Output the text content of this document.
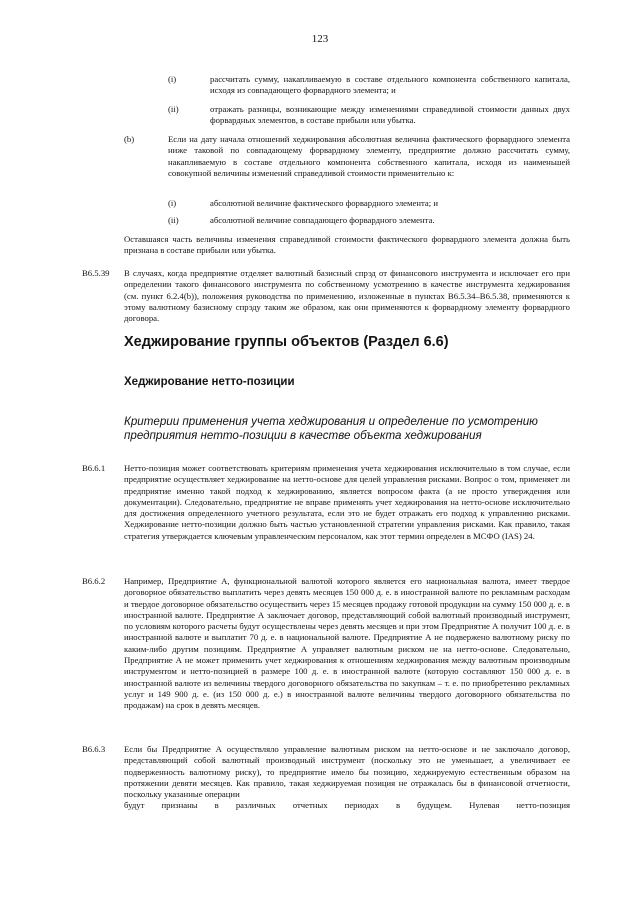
123
(i)	рассчитать сумму, накапливаемую в составе отдельного компонента собственного капитала, исходя из совпадающего форвардного элемента; и
(ii)	отражать разницы, возникающие между изменениями справедливой стоимости данных двух форвардных элементов, в составе прибыли или убытка.
(b)	Если на дату начала отношений хеджирования абсолютная величина фактического форвардного элемента ниже таковой по совпадающему форвардному элементу, предприятие должно рассчитать сумму, накапливаемую в составе отдельного компонента собственного капитала, исходя из наименьшей совокупной величины изменений справедливой стоимости применительно к:
(i)	абсолютной величине фактического форвардного элемента; и
(ii)	абсолютной величине совпадающего форвардного элемента.
Оставшаяся часть величины изменения справедливой стоимости фактического форвардного элемента должна быть признана в составе прибыли или убытка.
B6.5.39 В случаях, когда предприятие отделяет валютный базисный спрэд от финансового инструмента и исключает его при определении такого финансового инструмента по собственному усмотрению в качестве инструмента хеджирования (см. пункт 6.2.4(b)), положения руководства по применению, изложенные в пунктах B6.5.34–B6.5.38, применяются к этому валютному базисному спрэду таким же образом, как они применяются к форвардному элементу форвардного договора.
Хеджирование группы объектов (Раздел 6.6)
Хеджирование нетто-позиции
Критерии применения учета хеджирования и определение по усмотрению
предприятия нетто-позиции в качестве объекта хеджирования
B6.6.1 Нетто-позиция может соответствовать критериям применения учета хеджирования исключительно в том случае, если предприятие осуществляет хеджирование на нетто-основе для целей управления рисками. Вопрос о том, применяет ли предприятие именно такой подход к хеджированию, является вопросом факта (а не просто утверждения или документации). Следовательно, предприятие не вправе применять учет хеджирования на нетто-основе исключительно для достижения определенного учетного результата, если это не будет отражать его подход к управлению рисками. Хеджирование нетто-позиции должно быть частью установленной стратегии управления рисками. Как правило, такая стратегия утверждается ключевым управленческим персоналом, как этот термин определен в МСФО (IAS) 24.
B6.6.2 Например, Предприятие А, функциональной валютой которого является его национальная валюта, имеет твердое договорное обязательство выплатить через девять месяцев 150 000 д. е. в иностранной валюте по рекламным расходам и твердое договорное обязательство осуществить через 15 месяцев продажу готовой продукции на сумму 150 000 д. е. в иностранной валюте. Предприятие А заключает договор, представляющий собой валютный производный инструмент, по условиям которого расчеты будут осуществлены через девять месяцев и при этом Предприятие А получит 100 д. е. в иностранной валюте и выплатит 70 д. е. в национальной валюте. Предприятие А не подвержено валютному риску по каким-либо другим позициям. Предприятие А управляет валютным риском не на нетто-основе. Следовательно, Предприятие А не может применить учет хеджирования к отношениям хеджирования между валютным производным инструментом и нетто-позицией в размере 100 д. е. в иностранной валюте (которую составляют 150 000 д. е. в иностранной валюте из величины твердого договорного обязательства по закупкам – т. е. по приобретению рекламных услуг и 149 900 д. е. (из 150 000 д. е.) в иностранной валюте величины твердого договорного обязательства по продажам) на срок в девять месяцев.
B6.6.3 Если бы Предприятие А осуществляло управление валютным риском на нетто-основе и не заключало договор, представляющий собой валютный производный инструмент (поскольку это не уменьшает, а увеличивает ее подверженность валютному риску), то предприятие имело бы позицию, хеджируемую естественным образом на протяжении девяти месяцев. Как правило, такая хеджируемая позиция не отражалась бы в финансовой отчетности, поскольку указанные операции
будут признаны в различных отчетных периодах в будущем. Нулевая нетто-позиция
